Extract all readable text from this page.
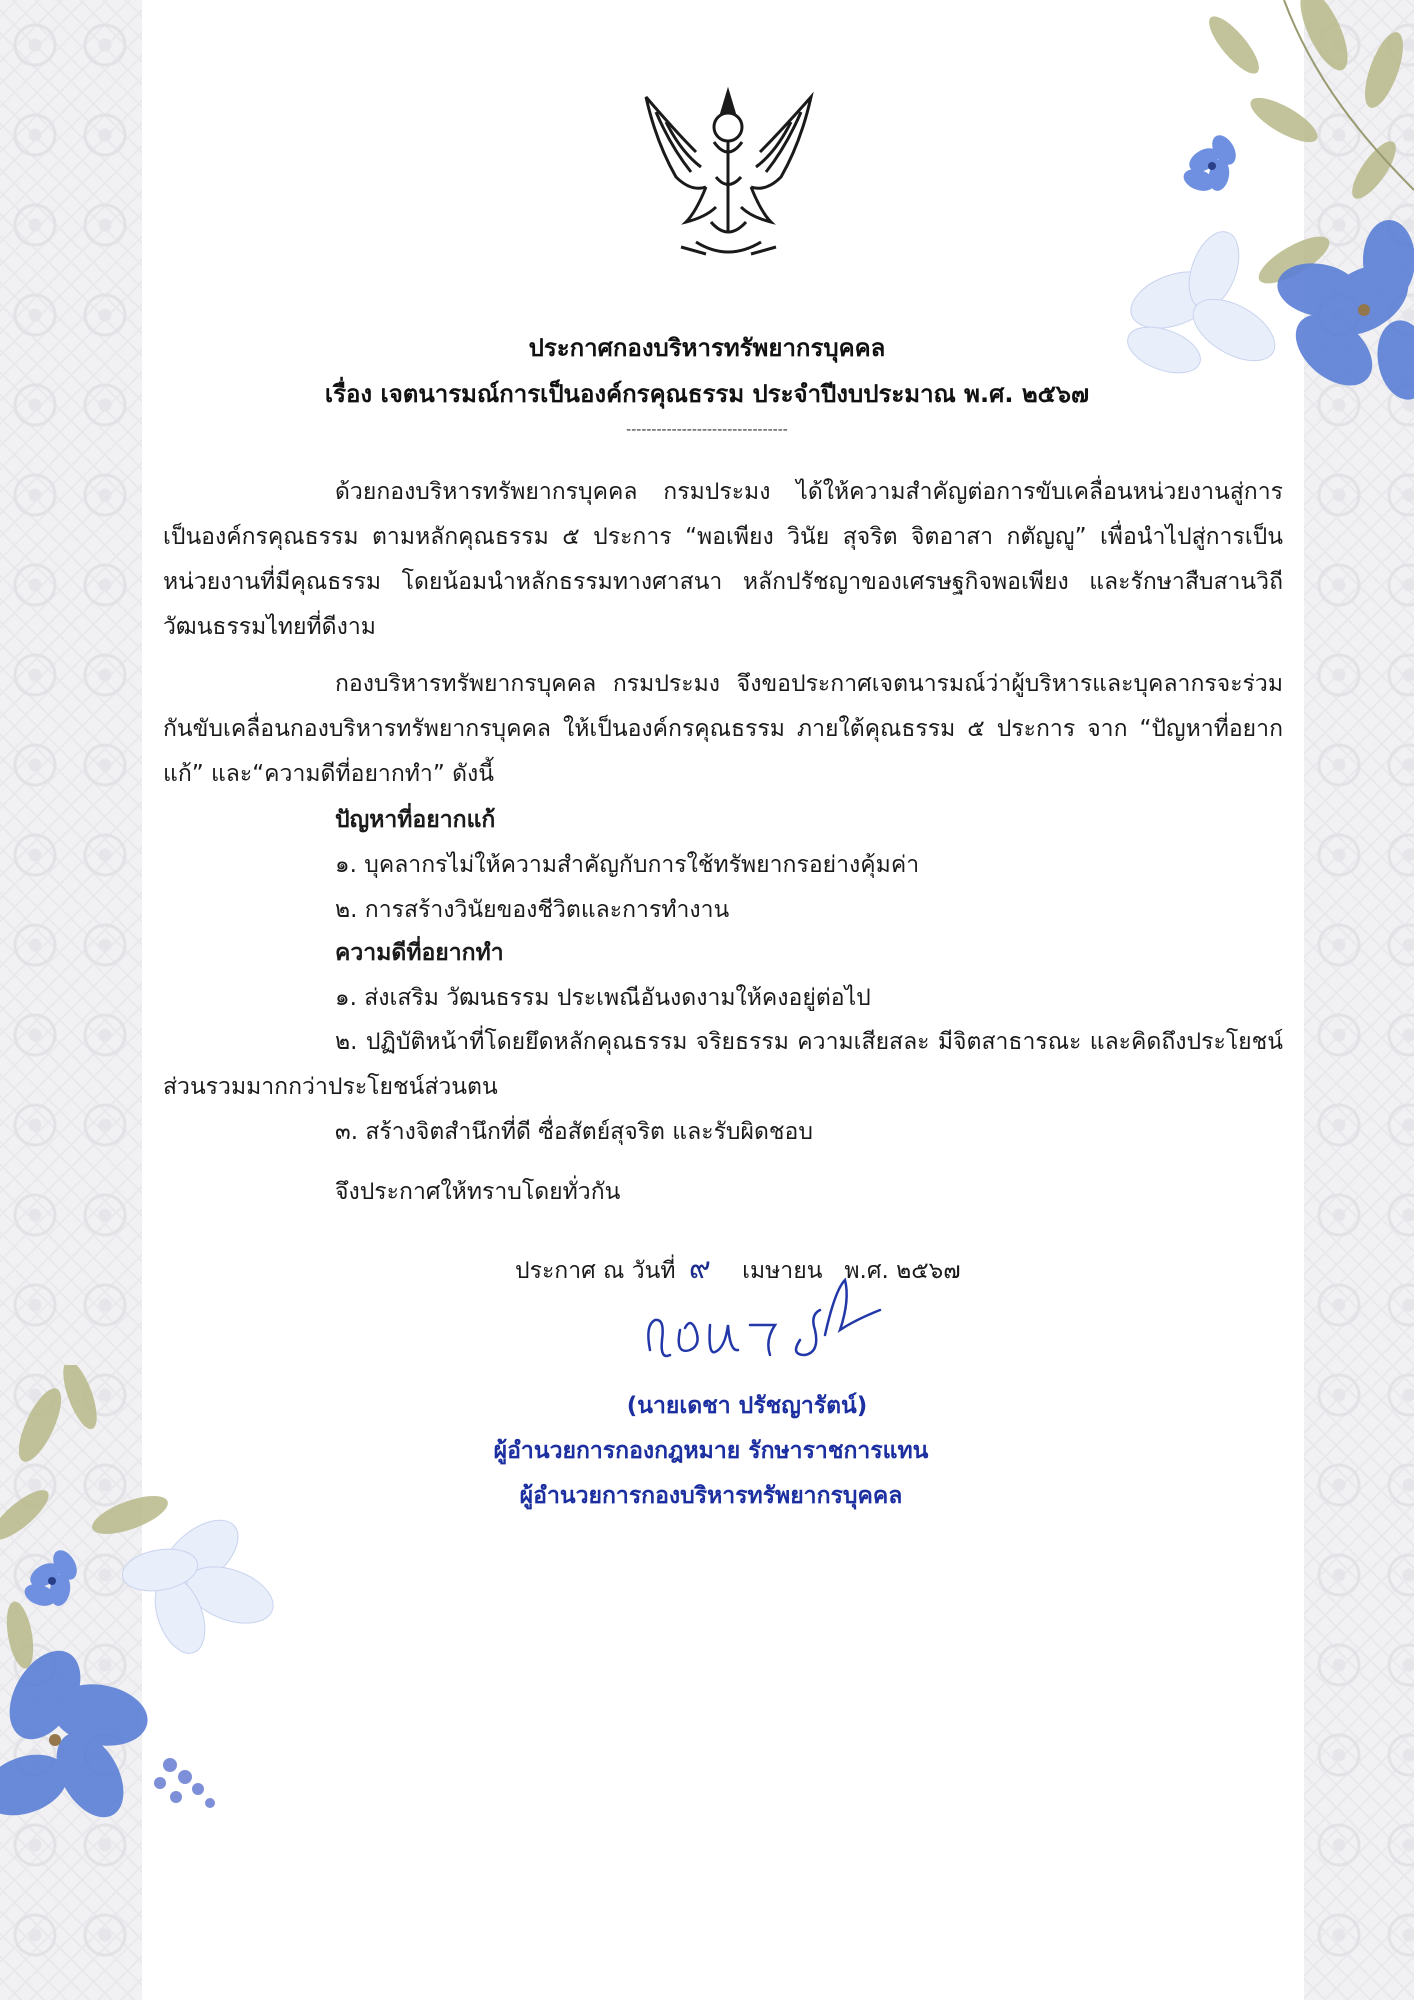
ประกาศกองบริหารทรัพยากรบุคคล
เรื่อง เจตนารมณ์การเป็นองค์กรคุณธรรม ประจำปีงบประมาณ พ.ศ. ๒๕๖๗
--------------------------------

ด้วยกองบริหารทรัพยากรบุคคล กรมประมง ได้ให้ความสำคัญต่อการขับเคลื่อนหน่วยงานสู่การเป็นองค์กรคุณธรรม ตามหลักคุณธรรม ๕ ประการ “พอเพียง วินัย สุจริต จิตอาสา กตัญญู” เพื่อนำไปสู่การเป็นหน่วยงานที่มีคุณธรรม โดยน้อมนำหลักธรรมทางศาสนา หลักปรัชญาของเศรษฐกิจพอเพียง และรักษาสืบสานวิถีวัฒนธรรมไทยที่ดีงาม

กองบริหารทรัพยากรบุคคล กรมประมง จึงขอประกาศเจตนารมณ์ว่าผู้บริหารและบุคลากรจะร่วมกันขับเคลื่อนกองบริหารทรัพยากรบุคคล ให้เป็นองค์กรคุณธรรม ภายใต้คุณธรรม ๕ ประการ จาก “ปัญหาที่อยากแก้” และ“ความดีที่อยากทำ” ดังนี้

ปัญหาที่อยากแก้
๑. บุคลากรไม่ให้ความสำคัญกับการใช้ทรัพยากรอย่างคุ้มค่า
๒. การสร้างวินัยของชีวิตและการทำงาน
ความดีที่อยากทำ
๑. ส่งเสริม วัฒนธรรม ประเพณีอันงดงามให้คงอยู่ต่อไป

๒. ปฏิบัติหน้าที่โดยยึดหลักคุณธรรม จริยธรรม ความเสียสละ มีจิตสาธารณะ และคิดถึงประโยชน์ส่วนรวมมากกว่าประโยชน์ส่วนตน

๓. สร้างจิตสำนึกที่ดี ซื่อสัตย์สุจริต และรับผิดชอบ
จึงประกาศให้ทราบโดยทั่วกัน
ประกาศ ณ วันที่ ๙ เมษายน พ.ศ. ๒๕๖๗
(นายเดชา ปรัชญารัตน์)
ผู้อำนวยการกองกฎหมาย รักษาราชการแทน
ผู้อำนวยการกองบริหารทรัพยากรบุคคล
